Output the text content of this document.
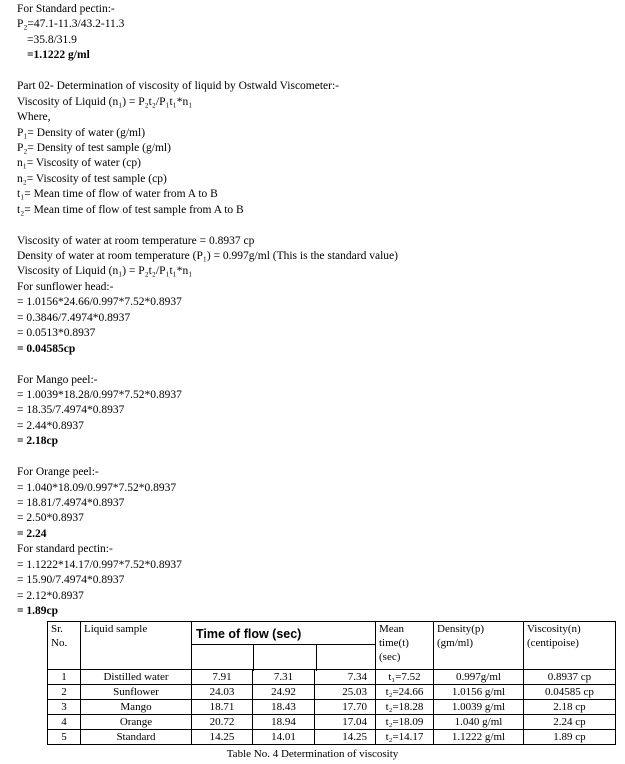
For Standard pectin:-
P₂=47.1-11.3/43.2-11.3
=35.8/31.9
=1.1222 g/ml
Part 02- Determination of viscosity of liquid by Ostwald Viscometer:-
Viscosity of Liquid (n₁) = P₂t₂/P₁t₁*n₁
Where,
P₁= Density of water (g/ml)
P₂= Density of test sample (g/ml)
n₁= Viscosity of water (cp)
n₂= Viscosity of test sample (cp)
t₁= Mean time of flow of water from A to B
t₂= Mean time of flow of test sample from A to B
Viscosity of water at room temperature = 0.8937 cp
Density of water at room temperature (P₁) = 0.997g/ml (This is the standard value)
Viscosity of Liquid (n₁) = P₂t₂/P₁t₁*n₁
For sunflower head:-
= 1.0156*24.66/0.997*7.52*0.8937
= 0.3846/7.4974*0.8937
= 0.0513*0.8937
= 0.04585cp
For Mango peel:-
= 1.0039*18.28/0.997*7.52*0.8937
= 18.35/7.4974*0.8937
= 2.44*0.8937
= 2.18cp
For Orange peel:-
= 1.040*18.09/0.997*7.52*0.8937
= 18.81/7.4974*0.8937
= 2.50*0.8937
= 2.24
For standard pectin:-
= 1.1222*14.17/0.997*7.52*0.8937
= 15.90/7.4974*0.8937
= 2.12*0.8937
= 1.89cp
Sr. No.	Liquid sample	Time of flow (sec)			Mean time(t) (sec)	Density(p) (gm/ml)	Viscosity(n) (centipoise)
1	Distilled water	7.91	7.31	7.34	t₁=7.52	0.997g/ml	0.8937 cp
2	Sunflower	24.03	24.92	25.03	t₂=24.66	1.0156 g/ml	0.04585 cp
3	Mango	18.71	18.43	17.70	t₂=18.28	1.0039 g/ml	2.18 cp
4	Orange	20.72	18.94	17.04	t₂=18.09	1.040 g/ml	2.24 cp
5	Standard	14.25	14.01	14.25	t₂=14.17	1.1222 g/ml	1.89 cp
Table No. 4 Determination of viscosity
